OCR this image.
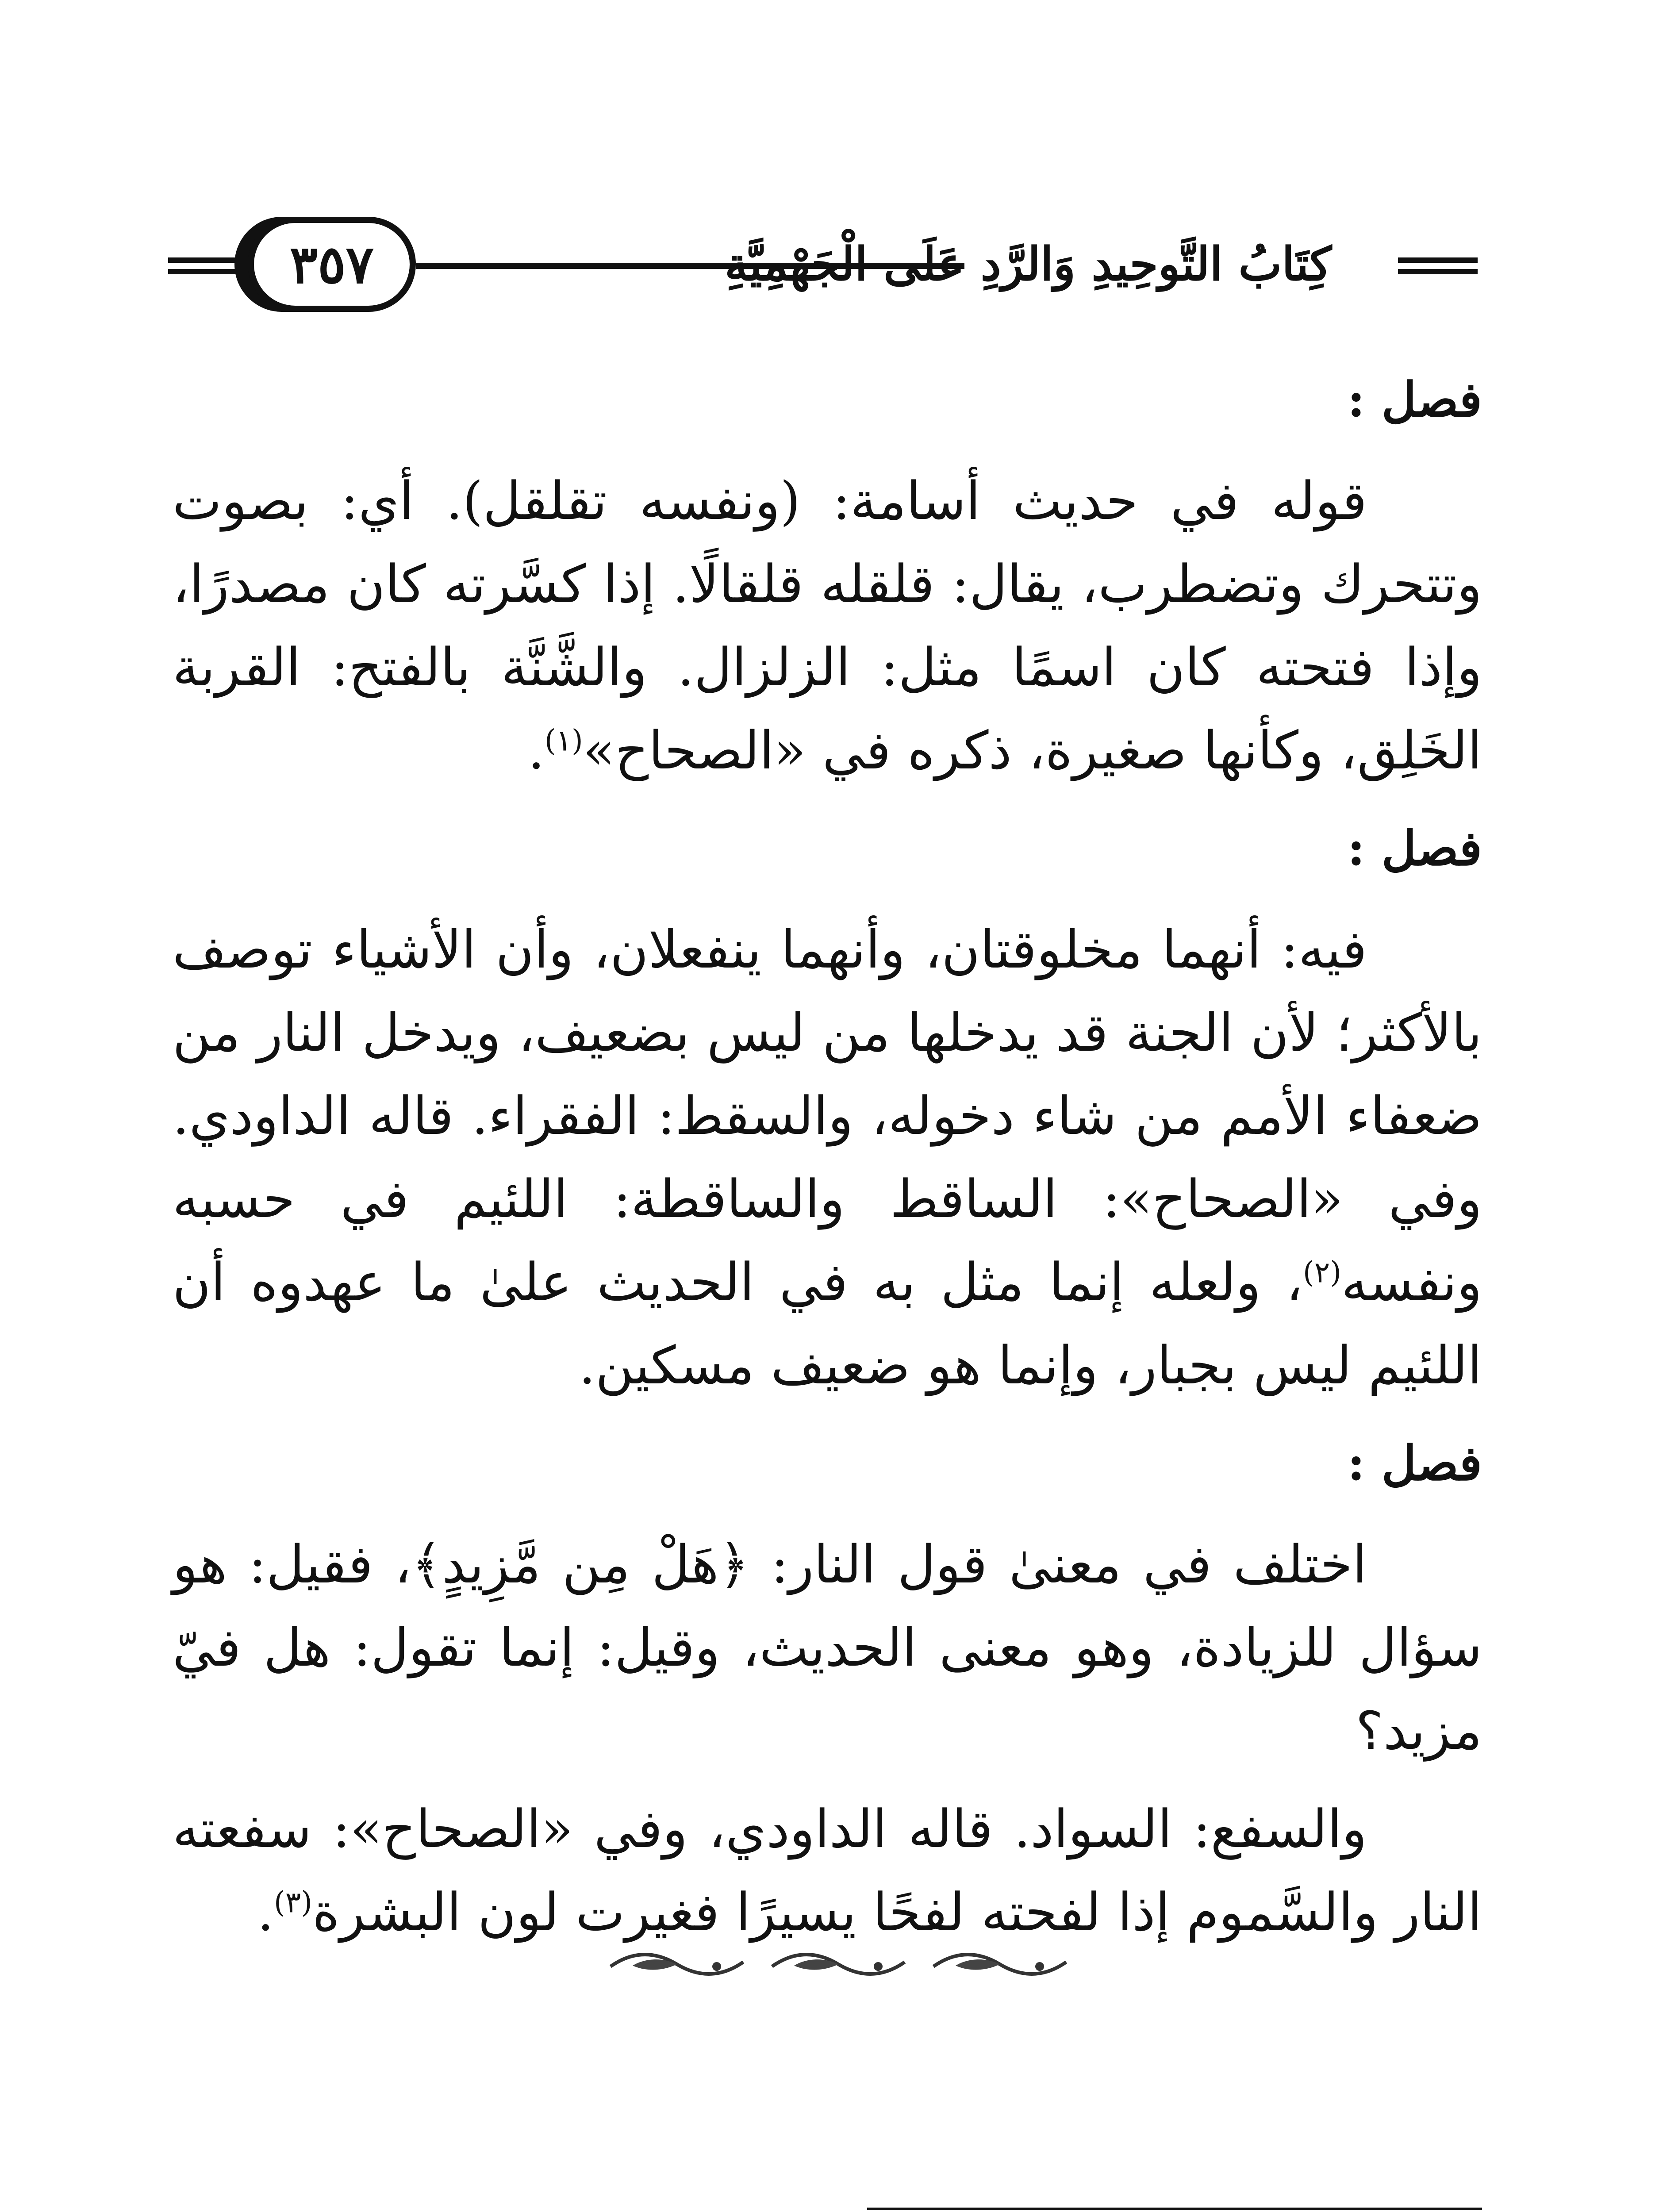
٣٥٧	كِتَابُ التَّوحِيدِ وَالرَّدِ عَلَى الْجَهْمِيَّةِ
فصل :

قوله في حديث أسامة: (ونفسه تقلقل). أي: بصوت وتتحرك وتضطرب، يقال: قلقله قلقالًا. إذا كسَّرته كان مصدرًا، وإذا فتحته كان اسمًا مثل: الزلزال. والشَّنَّة بالفتح: القربة الخَلِق، وكأنها صغيرة، ذكره في «الصحاح»$^{(١)}$.

فصل :

فيه: أنهما مخلوقتان، وأنهما ينفعلان، وأن الأشياء توصف بالأكثر؛ لأن الجنة قد يدخلها من ليس بضعيف، ويدخل النار من ضعفاء الأمم من شاء دخوله، والسقط: الفقراء. قاله الداودي. وفي «الصحاح»: الساقط والساقطة: اللئيم في حسبه ونفسه$^{(٢)}$، ولعله إنما مثل به في الحديث علىٰ ما عهدوه أن اللئيم ليس بجبار، وإنما هو ضعيف مسكين.

فصل :

اختلف في معنىٰ قول النار: ﴿هَلْ مِن مَّزِيدٍ﴾، فقيل: هو سؤال للزيادة، وهو معنى الحديث، وقيل: إنما تقول: هل فيّ مزيد؟

والسفع: السواد. قاله الداودي، وفي «الصحاح»: سفعته النار والسَّموم إذا لفحته لفحًا يسيرًا فغيرت لون البشرة$^{(٣)}$.
